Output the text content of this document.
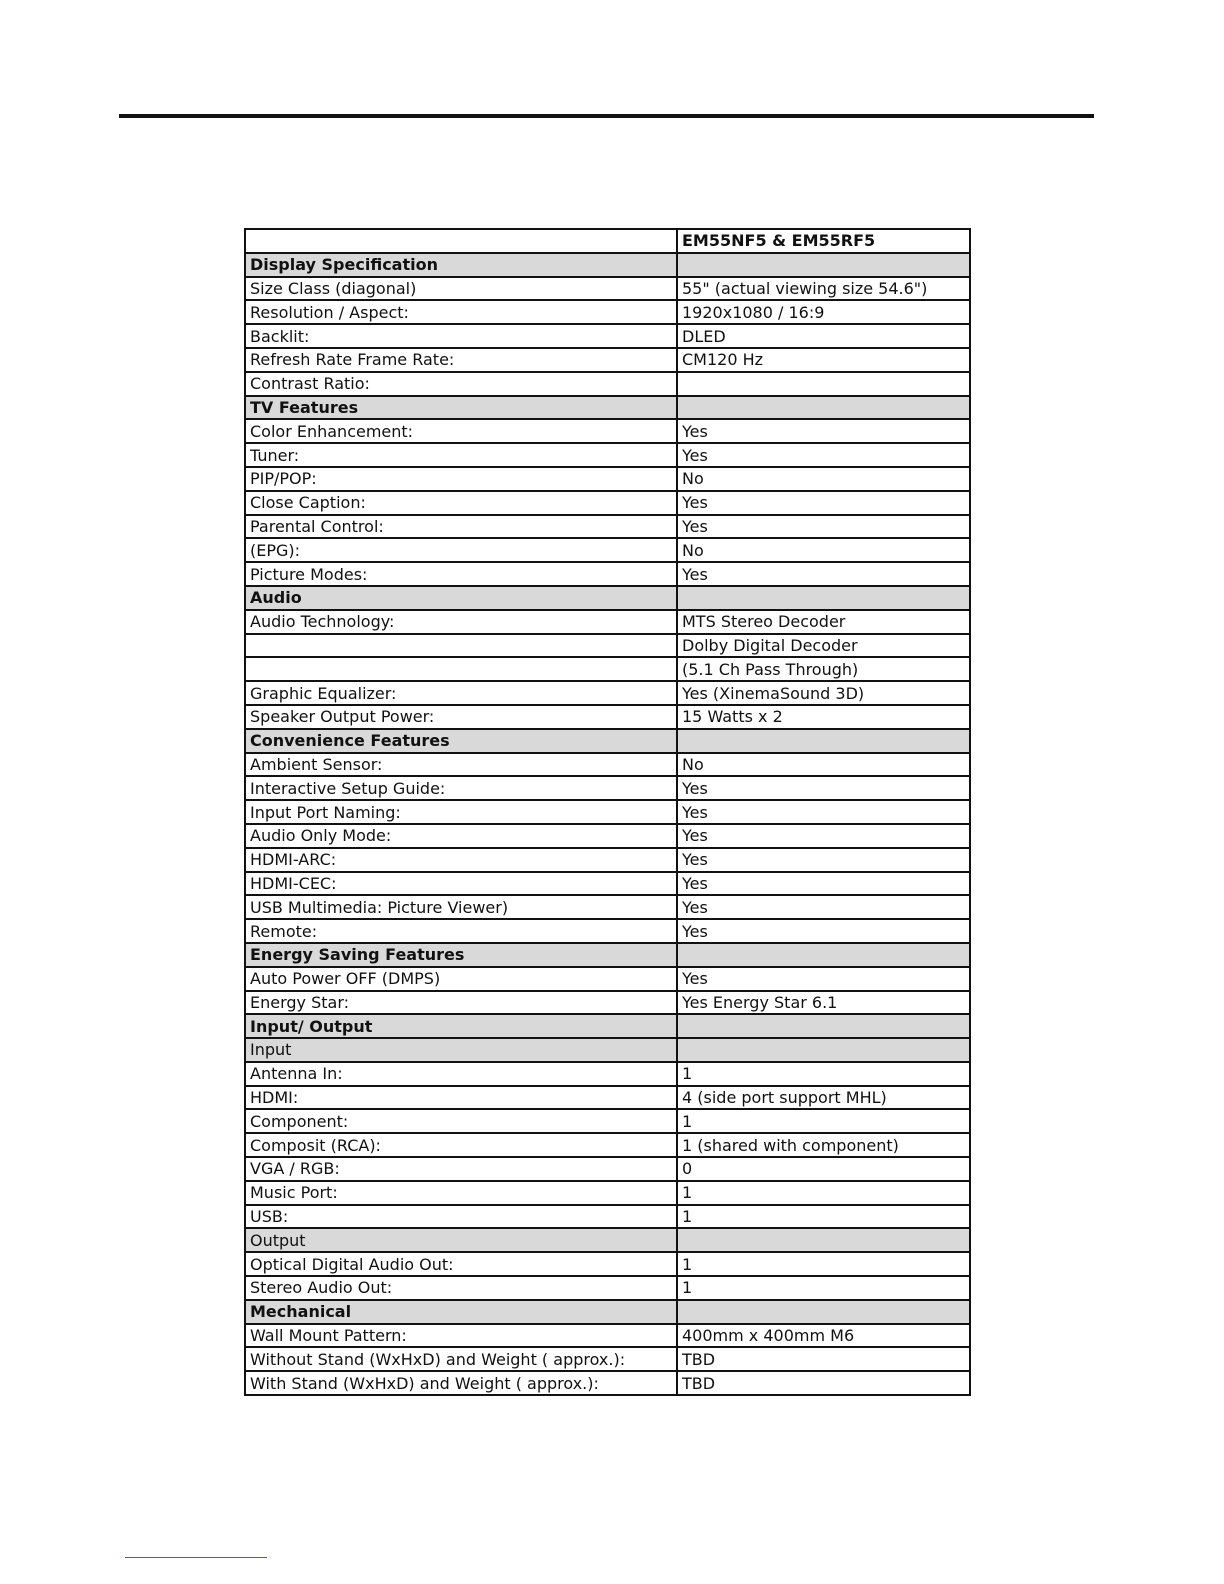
	EM55NF5 & EM55RF5
Display Specification	
Size Class (diagonal)	55" (actual viewing size 54.6")
Resolution / Aspect:	1920x1080 / 16:9
Backlit:	DLED
Refresh Rate Frame Rate:	CM120 Hz
Contrast Ratio:	
TV Features	
Color Enhancement:	Yes
Tuner:	Yes
PIP/POP:	No
Close Caption:	Yes
Parental Control:	Yes
(EPG):	No
Picture Modes:	Yes
Audio	
Audio Technology:	MTS Stereo Decoder
	Dolby Digital Decoder
	(5.1 Ch Pass Through)
Graphic Equalizer:	Yes (XinemaSound 3D)
Speaker Output Power:	15 Watts x 2
Convenience Features	
Ambient Sensor:	No
Interactive Setup Guide:	Yes
Input Port Naming:	Yes
Audio Only Mode:	Yes
HDMI-ARC:	Yes
HDMI-CEC:	Yes
USB Multimedia: Picture Viewer)	Yes
Remote:	Yes
Energy Saving Features	
Auto Power OFF (DMPS)	Yes
Energy Star:	Yes Energy Star 6.1
Input/ Output	
Input	
Antenna In:	1
HDMI:	4 (side port support MHL)
Component:	1
Composit (RCA):	1 (shared with component)
VGA / RGB:	0
Music Port:	1
USB:	1
Output	
Optical Digital Audio Out:	1
Stereo Audio Out:	1
Mechanical	
Wall Mount Pattern:	400mm x 400mm M6
Without Stand (WxHxD) and Weight ( approx.):	TBD
With Stand (WxHxD) and Weight ( approx.):	TBD
